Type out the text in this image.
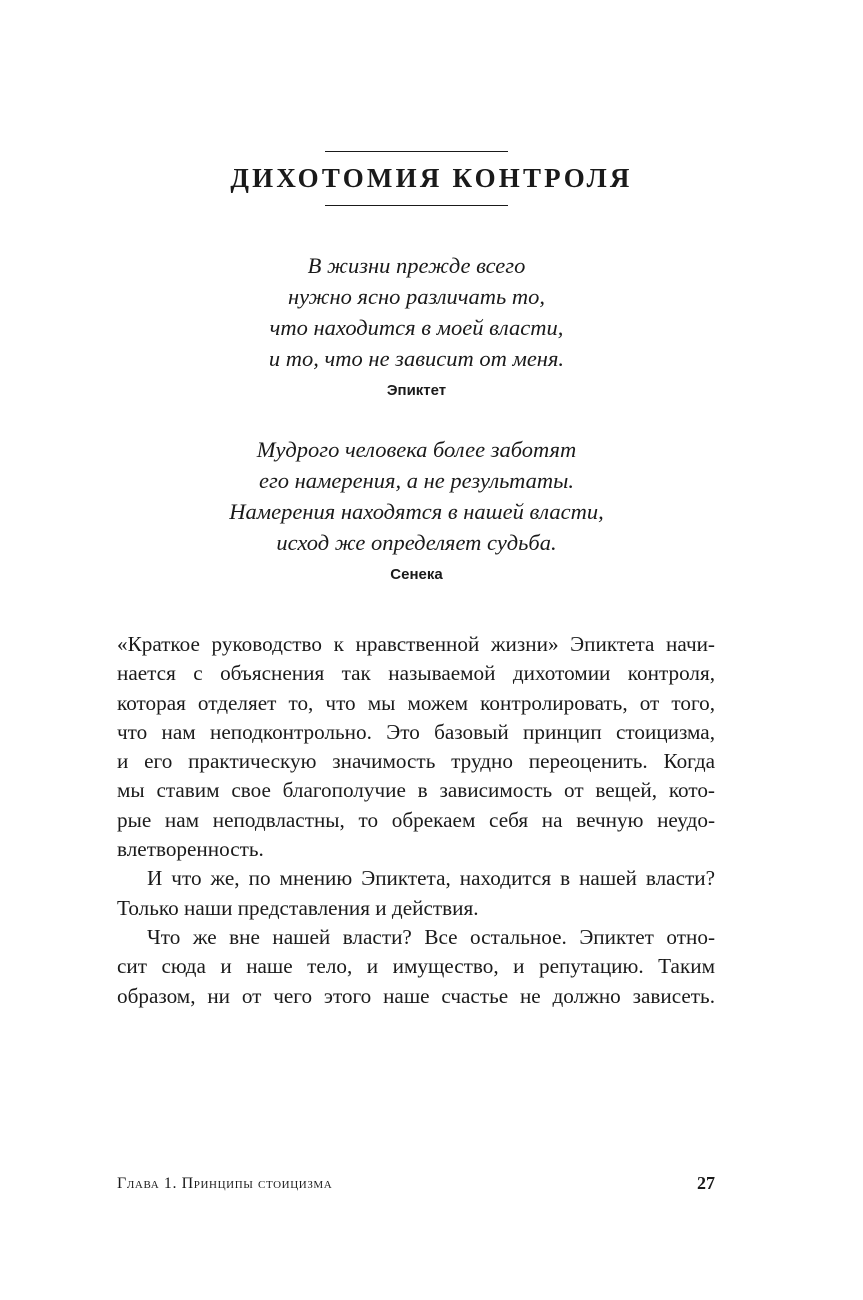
ДИХОТОМИЯ КОНТРОЛЯ
В жизни прежде всего
нужно ясно различать то,
что находится в моей власти,
и то, что не зависит от меня.
Эпиктет
Мудрого человека более заботят
его намерения, а не результаты.
Намерения находятся в нашей власти,
исход же определяет судьба.
Сенека

«Краткое руководство к нравственной жизни» Эпиктета начи-
нается с объяснения так называемой дихотомии контроля,
которая отделяет то, что мы можем контролировать, от того,
что нам неподконтрольно. Это базовый принцип стоицизма,
и его практическую значимость трудно переоценить. Когда
мы ставим свое благополучие в зависимость от вещей, кото-
рые нам неподвластны, то обрекаем себя на вечную неудо-
влетворенность.

И что же, по мнению Эпиктета, находится в нашей власти?
Только наши представления и действия.

Что же вне нашей власти? Все остальное. Эпиктет отно-
сит сюда и наше тело, и имущество, и репутацию. Таким
образом, ни от чего этого наше счастье не должно зависеть.

Глава 1. Принципы стоицизма	27
